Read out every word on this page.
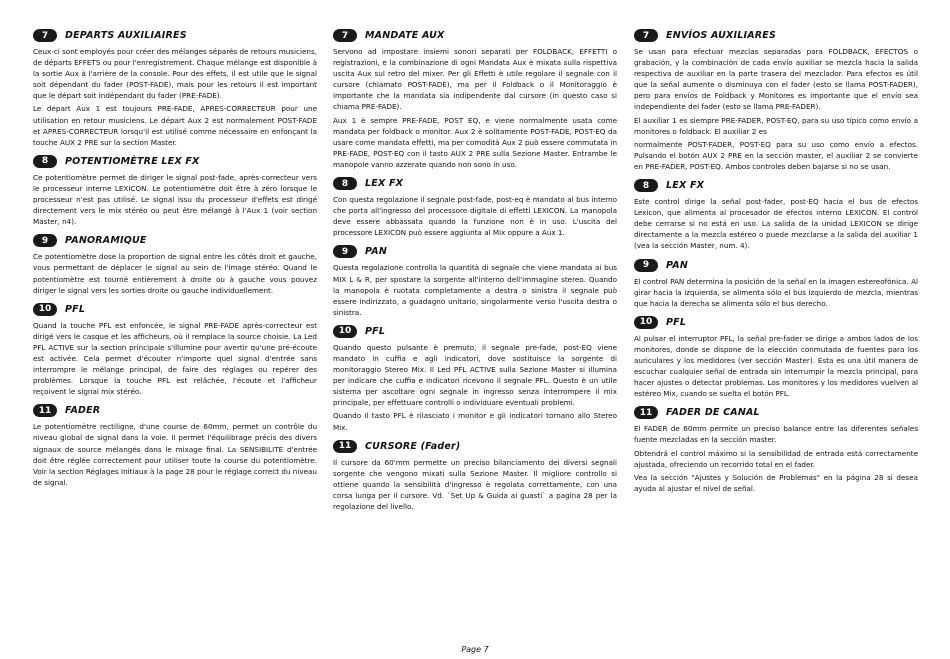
7	DEPARTS AUXILIAIRES

Ceux-ci sont employés pour créer des mélanges séparés de retours musiciens, de départs EFFETS ou pour l'enregistrement. Chaque mélange est disponible à la sortie Aux à l'arrière de la console. Pour des effets, il est utile que le signal soit dépendant du fader (POST-FADE), mais pour les retours il est important que le départ soit indépendant du fader (PRE-FADE).

Le départ Aux 1 est toujours PRE-FADE, APRES-CORRECTEUR pour une utilisation en retour musiciens. Le départ Aux 2 est normalement POST-FADE et APRES-CORRECTEUR lorsqu'il est utilisé comme nécessaire en enfonçant la touche AUX 2 PRE sur la section Master.

8	POTENTIOMÈTRE LEX FX

Ce potentiomètre permet de diriger le signal post-fade, après-correcteur vers le processeur interne LEXICON. Le potentiomètre doit être à zéro lorsque le processeur n'est pas utilisé. Le signal issu du processeur d'effets est dirigé directement vers le mix stéréo ou peut être mélangé à l'Aux 1 (voir section Master, n4).

9	PANORAMIQUE

Ce potentiomètre dose la proportion de signal entre les côtés droit et gauche, vous permettant de déplacer le signal au sein de l'image stéréo. Quand le potentiomètre est tourné entièrement à droite ou à gauche vous pouvez diriger le signal vers les sorties droite ou gauche individuellement.

10	PFL

Quand la touche PFL est enfoncée, le signal PRE-FADE après-correcteur est dirigé vers le casque et les afficheurs, où il remplace la source choisie. La Led PFL ACTIVE sur la section principale s'illumine pour avertir qu'une pré-écoute est activée. Cela permet d'écouter n'importe quel signal d'entrée sans interrompre le mélange principal, de faire des réglages ou repérer des problèmes. Lorsque la touche PFL est relâchée, l'écoute et l'afficheur reçoivent le signal mix stéréo.

11	FADER

Le potentiomètre rectiligne, d'une course de 60mm, permet un contrôle du niveau global de signal dans la voie. Il permet l'équilibrage précis des divers signaux de source mélangés dans le mixage final. La SENSIBILITE d'entrée doit être réglée correctement pour utiliser toute la course du potentiomètre. Voir la section Réglages Initiaux à la page 28 pour le réglage correct du niveau de signal.

7	MANDATE AUX

Servono ad impostare insiemi sonori separati per FOLDBACK, EFFETTI o registrazioni, e la combinazione di ogni Mandata Aux è mixata sulla rispettiva uscita Aux sul retro del mixer. Per gli Effetti è utile regolare il segnale con il cursore (chiamato POST-FADE), ma per il Foldback o il Monitoraggio è importante che la mandata sia indipendente dal cursore (in questo caso si chiama PRE-FADE).

Aux 1 è sempre PRE-FADE, POST EQ, e viene normalmente usata come mandata per foldback o monitor. Aux 2 è solitamente POST-FADE, POST-EQ da usare come mandata effetti, ma per comodità Aux 2 può essere commutata in PRE-FADE, POST-EQ con il tasto AUX 2 PRE sulla Sezione Master. Entrambe le manopole vanno azzerate quando non sono in uso.

8	LEX FX

Con questa regolazione il segnale post-fade, post-eq è mandato al bus interno che porta all'ingresso del processore digitale di effetti LEXICON. La manopola deve essere abbassata quando la funzione non è in uso. L'uscita del processore LEXICON può essere aggiunta al Mix oppure a Aux 1.

9	PAN

Questa regolazione controlla la quantità di segnale che viene mandata ai bus MIX L & R, per spostare la sorgente all'interno dell'immagine stereo. Quando la manopola è ruotata completamente a destra o sinistra il segnale può essere indirizzato, a guadagno unitario, singolarmente verso l'uscita destra o sinistra.

10	PFL

Quando questo pulsante è premuto, il segnale pre-fade, post-EQ viene mandato in cuffia e agli indicatori, dove sostituisce la sorgente di monitoraggio Stereo Mix. Il Led PFL ACTIVE sulla Sezione Master si illumina per indicare che cuffia e indicatori ricevono il segnale PFL. Questo è un utile sistema per ascoltare ogni segnale in ingresso senza interrompere il mix principale, per effettuare controlli o individuare eventuali problemi.

Quando il tasto PFL è rilasciato i monitor e gli indicatori tornano allo Stereo Mix.

11	CURSORE (Fader)

Il cursore da 60'mm permette un preciso bilanciamento dei diversi segnali sorgente che vengono mixati sulla Sezione Master. Il migliore controllo si ottiene quando la sensibilità d'ingresso è regolata correttamente, con una corsa lunga per il cursore. Vd. `Set Up & Guida ai guasti` a pagina 28 per la regolazione del livello.

7	ENVÍOS AUXILIARES

Se usan para efectuar mezclas separadas para FOLDBACK, EFECTOS o grabación, y la combinación de cada envío auxiliar se mezcla hacia la salida respectiva de auxiliar en la parte trasera del mezclador. Para efectos es útil que la señal aumente o disminuya con el fader (esto se llama POST-FADER), pero para envíos de Foldback y Monitores es importante que el envío sea independiente del fader (esto se llama PRE-FADER).

El auxiliar 1 es siempre PRE-FADER, POST-EQ, para su uso típico como envío a monitores o foldback. El auxiliar 2 es

normalmente POST-FADER, POST-EQ para su uso como envío a efectos. Pulsando el botón AUX 2 PRE en la sección master, el auxiliar 2 se convierte en PRE-FADER, POST-EQ. Ambos controles deben bajarse si no se usan.

8	LEX FX

Este control dirige la señal post-fader, post-EQ hacia el bus de efectos Lexicon, que alimenta al procesador de efectos interno LEXICON. El control debe cerrarse si no está en uso. La salida de la unidad LEXICON se dirige directamente a la mezcla estéreo o puede mezclarse a la salida del auxiliar 1 (vea la sección Master, num. 4).

9	PAN

El control PAN determina la posición de la señal en la imagen estereofónica. Al girar hacia la izquierda, se alimenta sólo el bus izquierdo de mezcla, mientras que hacia la derecha se alimenta sólo el bus derecho.

10	PFL

Al pulsar el interruptor PFL, la señal pre-fader se dirige a ambos lados de los monitores, donde se dispone de la elección conmutada de fuentes para los auriculares y los medidores (ver sección Master). Esta es una útil manera de escuchar cualquier señal de entrada sin interrumpir la mezcla principal, para hacer ajustes o detectar problemas. Los monitores y los medidores vuelven al estéreo Mix, cuando se suelta el botón PFL.

11	FADER DE CANAL

El FADER de 60mm permite un preciso balance entre las diferentes señales fuente mezcladas en la sección master.

Obtendrá el control máximo si la sensibilidad de entrada está correctamente ajustada, ofreciendo un recorrido total en el fader.

Vea la sección "Ajustes y Solución de Problemas" en la página 28 si desea ayuda al ajustar el nivel de señal.

Page 7
